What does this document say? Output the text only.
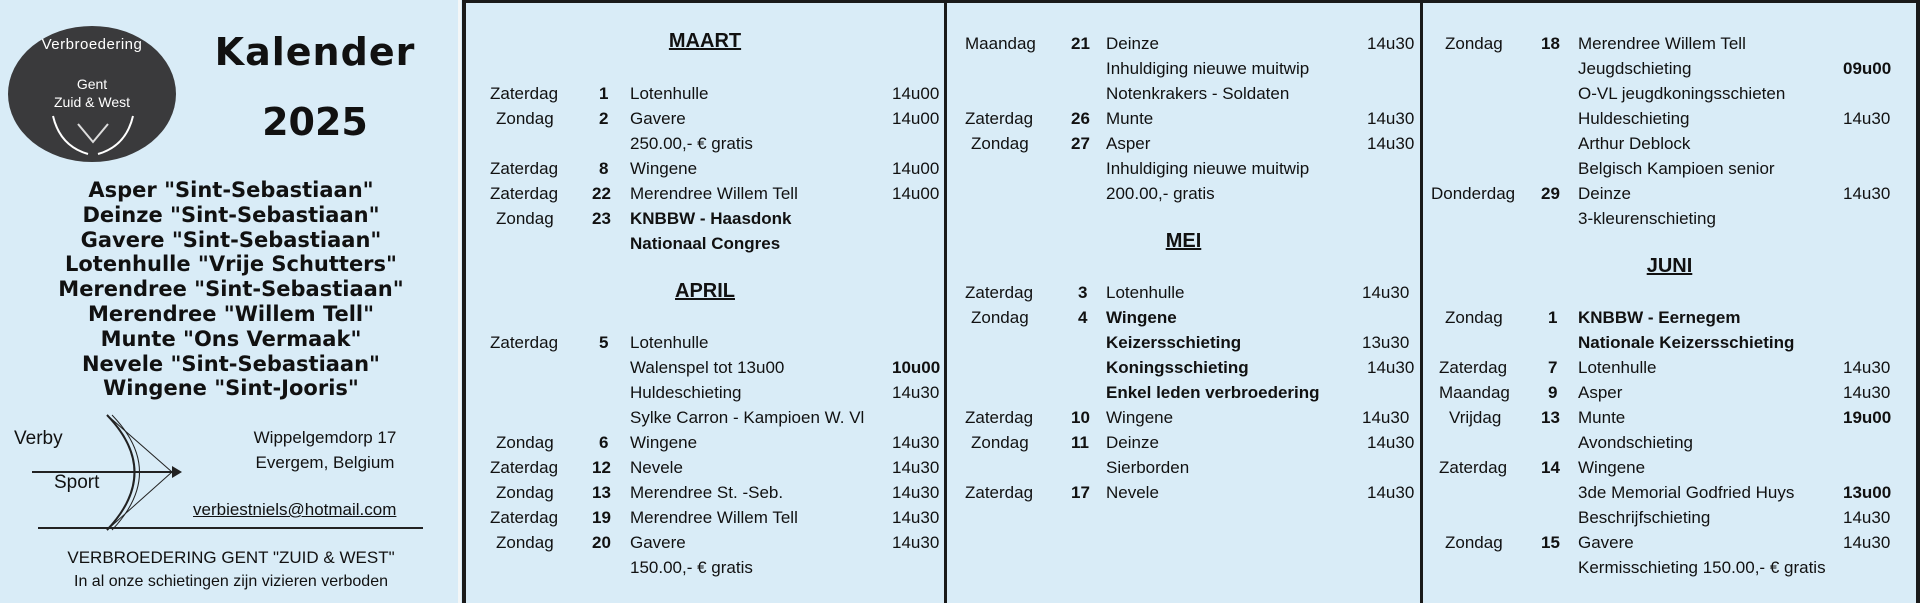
Verbroedering
Gent
Zuid & West
Kalender
2025
Asper "Sint-Sebastiaan"
Deinze "Sint-Sebastiaan"
Gavere "Sint-Sebastiaan"
Lotenhulle "Vrije Schutters"
Merendree "Sint-Sebastiaan"
Merendree "Willem Tell"
Munte "Ons Vermaak"
Nevele "Sint-Sebastiaan"
Wingene "Sint-Jooris"
Verby
Sport
Wippelgemdorp 17
Evergem, Belgium
verbiestniels@hotmail.com
VERBROEDERING GENT "ZUID & WEST"
In al onze schietingen zijn vizieren verboden
MAART
APRIL
Zaterdag 1 Lotenhulle	14u00
Zondag	2 Gavere	14u00
250.00,- € gratis
Zaterdag 8 Wingene	14u00
Zaterdag 22 Merendree Willem Tell	14u00
Zondag 23 KNBBW - Haasdonk
Nationaal Congres
Zaterdag 5 Lotenhulle
Walenspel tot 13u00	10u00
Huldeschieting	14u30
Sylke Carron - Kampioen W. Vl
Zondag	6 Wingene	14u30
Zaterdag 12 Nevele	14u30
Zondag 13 Merendree St. -Seb.	14u30
Zaterdag 19 Merendree Willem Tell	14u30
Zondag 20 Gavere	14u30
150.00,- € gratis
Maandag 21 Deinze	14u30
Inhuldiging nieuwe muitwip
Notenkrakers - Soldaten
Zaterdag 26 Munte	14u30
Zondag 27 Asper	14u30
Inhuldiging nieuwe muitwip
200.00,- gratis
MEI
Zaterdag	3 Lotenhulle	14u30
Zondag	4 Wingene
Keizersschieting	13u30
Koningsschieting	14u30
Enkel leden verbroedering
Zaterdag 10 Wingene	14u30
Zondag 11 Deinze	14u30
Sierborden
Zaterdag 17 Nevele	14u30
Zondag 18 Merendree Willem Tell
Jeugdschieting	09u00
O-VL jeugdkoningsschieten
Huldeschieting	14u30
Arthur Deblock
Belgisch Kampioen senior
Donderdag 29 Deinze	14u30
3-kleurenschieting
JUNI
Zondag	1 KNBBW - Eernegem
Nationale Keizersschieting
Zaterdag 7 Lotenhulle	14u30
Maandag 9 Asper	14u30
Vrijdag 13 Munte	19u00
Avondschieting
Zaterdag 14 Wingene
3de Memorial Godfried Huys	13u00
Beschrijfschieting	14u30
Zondag 15 Gavere	14u30
Kermisschieting 150.00,- € gratis
